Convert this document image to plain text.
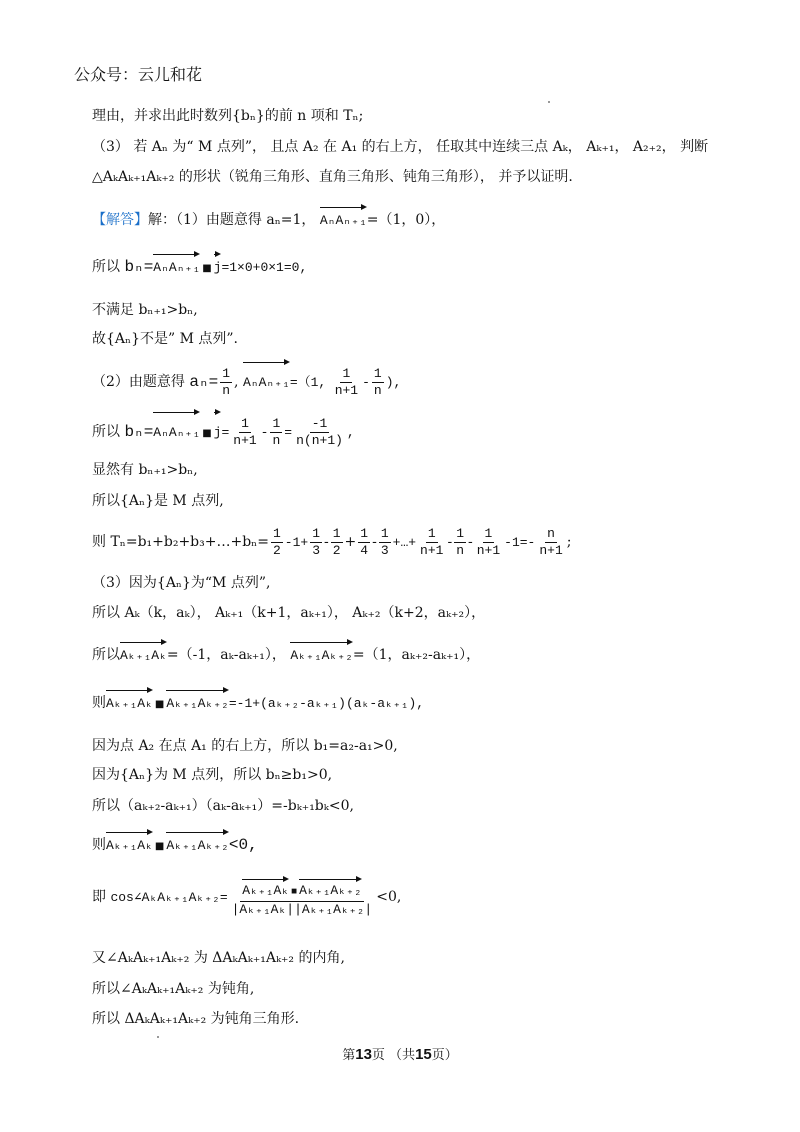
公众号：云儿和花
理由，并求出此时数列{bₙ}的前 n 项和 Tₙ;
（3） 若 Aₙ 为“ M 点列”， 且点 A₂ 在 A₁ 的右上方， 任取其中连续三点 Aₖ， Aₖ₊₁， A₂₊₂， 判断
△AₖAₖ₊₁Aₖ₊₂ 的形状（锐角三角形、直角三角形、钝角三角形）， 并予以证明.
【解答】解：（1）由题意得 aₙ=1， AₙAₙ₊₁=（1，0），
所以 bₙ=AₙAₙ₊₁ ■ j=1×0+0×1=0,
不满足 bₙ₊₁>bₙ,
故{Aₙ}不是” M 点列”.
（2）由题意得 $a_n= \frac{1}{n}$ , AₙAₙ₊₁=（1, $\frac{1}{n+1} - \frac{1}{n}$ ),
所以 bₙ=AₙAₙ₊₁ ■ $j= \frac{1}{n+1} - \frac{1}{n} = \frac{-1}{n(n+1)}$ ,
显然有 bₙ₊₁>bₙ,
所以{Aₙ}是 M 点列,
则 Tₙ=b₁+b₂+b₃+…+bₙ= $\frac{1}{2} -1+ \frac{1}{3} - \frac{1}{2} + \frac{1}{4} - \frac{1}{3}$ +…+ $\frac{1}{n+1} - \frac{1}{n} - \frac{1}{n+1} -1=- \frac{n}{n+1}$ ;
（3）因为{Aₙ}为“M 点列”,
所以 Aₖ（k，aₖ）， Aₖ₊₁（k+1，aₖ₊₁）， Aₖ₊₂（k+2，aₖ₊₂），
所以Aₖ₊₁Aₖ=（-1，aₖ-aₖ₊₁）， Aₖ₊₁Aₖ₊₂=（1，aₖ₊₂-aₖ₊₁），
则Aₖ₊₁Aₖ ■ Aₖ₊₁Aₖ₊₂=-1+(aₖ₊₂-aₖ₊₁)(aₖ-aₖ₊₁),
因为点 A₂ 在点 A₁ 的右上方，所以 b₁=a₂-a₁>0,
因为{Aₙ}为 M 点列，所以 bₙ≥b₁>0,
所以（aₖ₊₂-aₖ₊₁）（aₖ-aₖ₊₁）=-bₖ₊₁bₖ<0,
则Aₖ₊₁Aₖ ■ Aₖ₊₁Aₖ₊₂<0,
即 cos∠AₖAₖ₊₁Aₖ₊₂= $\frac{\text{Aₖ₊₁Aₖ ■ Aₖ₊₁Aₖ₊₂}}{\text{|Aₖ₊₁Aₖ||Aₖ₊₁Aₖ₊₂|}} <0$,
又∠AₖAₖ₊₁Aₖ₊₂ 为 ΔAₖAₖ₊₁Aₖ₊₂ 的内角,
所以∠AₖAₖ₊₁Aₖ₊₂ 为钝角,
所以 ΔAₖAₖ₊₁Aₖ₊₂ 为钝角三角形.
第13页 （共15页）
